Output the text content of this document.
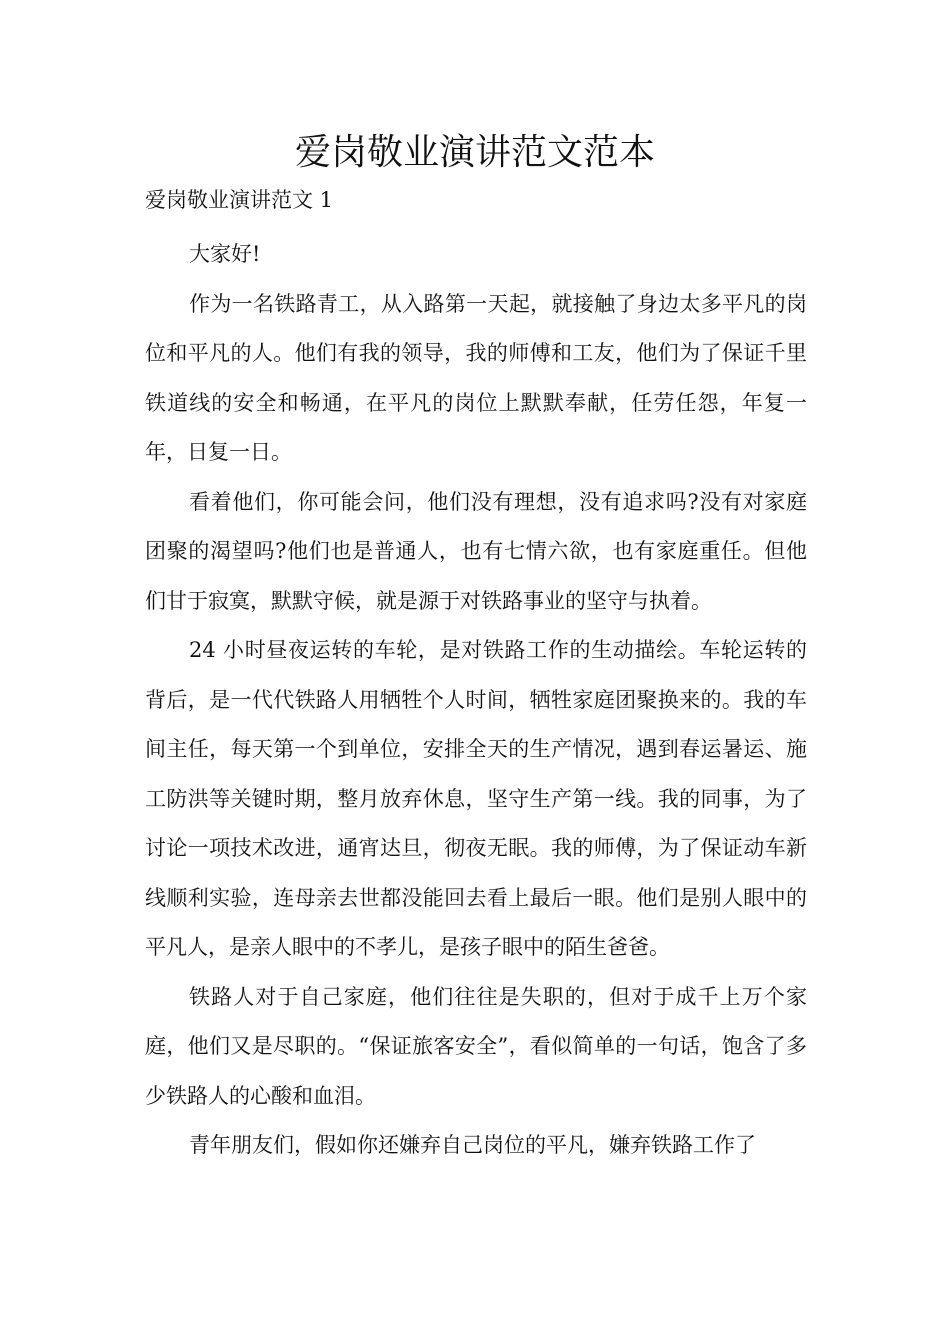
爱岗敬业演讲范文范本

爱岗敬业演讲范文 1

大家好!

作为一名铁路青工，从入路第一天起，就接触了身边太多平凡的岗位和平凡的人。他们有我的领导，我的师傅和工友，他们为了保证千里铁道线的安全和畅通，在平凡的岗位上默默奉献，任劳任怨，年复一年，日复一日。

看着他们，你可能会问，他们没有理想，没有追求吗?没有对家庭团聚的渴望吗?他们也是普通人，也有七情六欲，也有家庭重任。但他们甘于寂寞，默默守候，就是源于对铁路事业的坚守与执着。

24 小时昼夜运转的车轮，是对铁路工作的生动描绘。车轮运转的背后，是一代代铁路人用牺牲个人时间，牺牲家庭团聚换来的。我的车间主任，每天第一个到单位，安排全天的生产情况，遇到春运暑运、施工防洪等关键时期，整月放弃休息，坚守生产第一线。我的同事，为了讨论一项技术改进，通宵达旦，彻夜无眠。我的师傅，为了保证动车新线顺利实验，连母亲去世都没能回去看上最后一眼。他们是别人眼中的平凡人，是亲人眼中的不孝儿，是孩子眼中的陌生爸爸。

铁路人对于自己家庭，他们往往是失职的，但对于成千上万个家庭，他们又是尽职的。“保证旅客安全”，看似简单的一句话，饱含了多少铁路人的心酸和血泪。

青年朋友们，假如你还嫌弃自己岗位的平凡，嫌弃铁路工作了
